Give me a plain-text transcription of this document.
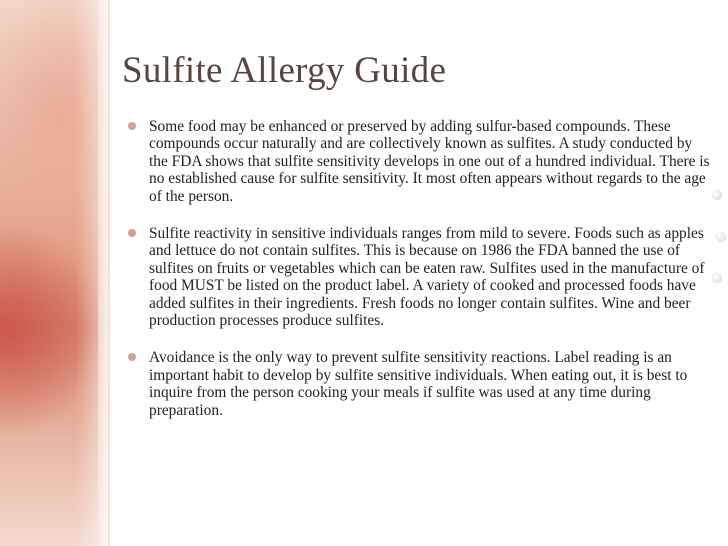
Sulfite Allergy Guide
Some food may be enhanced or preserved by adding sulfur-based compounds. These compounds occur naturally and are collectively known as sulfites. A study conducted by the FDA shows that sulfite sensitivity develops in one out of a hundred individual. There is no established cause for sulfite sensitivity. It most often appears without regards to the age of the person.
Sulfite reactivity in sensitive individuals ranges from mild to severe. Foods such as apples and lettuce do not contain sulfites. This is because on 1986 the FDA banned the use of sulfites on fruits or vegetables which can be eaten raw. Sulfites used in the manufacture of food MUST be listed on the product label. A variety of cooked and processed foods have added sulfites in their ingredients. Fresh foods no longer contain sulfites. Wine and beer production processes produce sulfites.
Avoidance is the only way to prevent sulfite sensitivity reactions. Label reading is an important habit to develop by sulfite sensitive individuals. When eating out, it is best to inquire from the person cooking your meals if sulfite was used at any time during preparation.
